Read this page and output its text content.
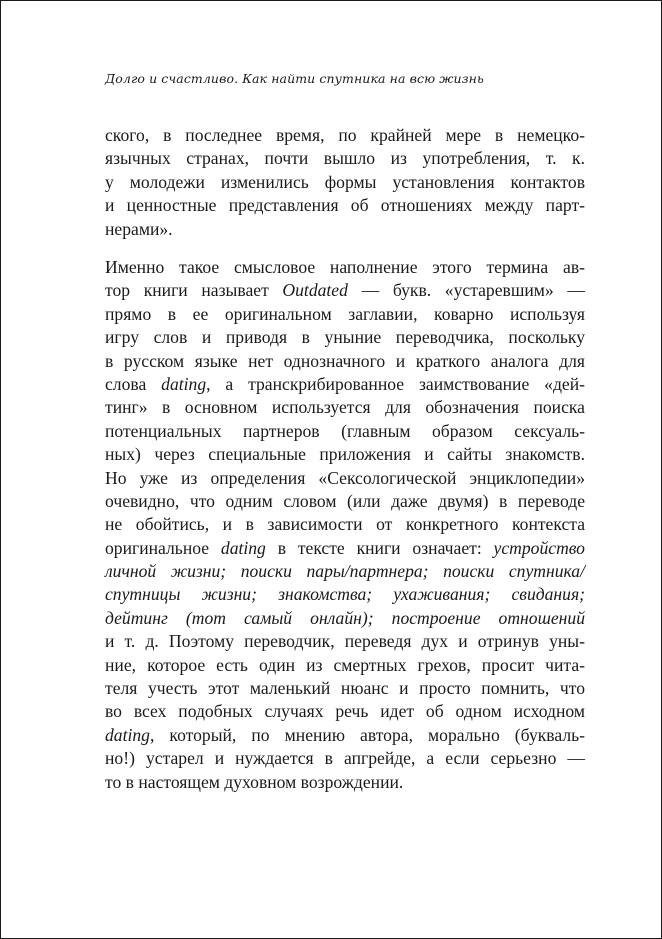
Долго и счастливо. Как найти спутника на всю жизнь
ского, в последнее время, по крайней мере в немецко-
язычных странах, почти вышло из употребления, т. к.
у молодежи изменились формы установления контактов
и ценностные представления об отношениях между парт-
нерами».
Именно такое смысловое наполнение этого термина ав-
тор книги называет Outdated — букв. «устаревшим» —
прямо в ее оригинальном заглавии, коварно используя
игру слов и приводя в уныние переводчика, поскольку
в русском языке нет однозначного и краткого аналога для
слова dating, а транскрибированное заимствование «дей-
тинг» в основном используется для обозначения поиска
потенциальных партнеров (главным образом сексуаль-
ных) через специальные приложения и сайты знакомств.
Но уже из определения «Сексологической энциклопедии»
очевидно, что одним словом (или даже двумя) в переводе
не обойтись, и в зависимости от конкретного контекста
оригинальное dating в тексте книги означает: устройство
личной жизни; поиски пары/партнера; поиски спутника/
спутницы жизни; знакомства; ухаживания; свидания;
дейтинг (тот самый онлайн); построение отношений
и т. д. Поэтому переводчик, переведя дух и отринув уны-
ние, которое есть один из смертных грехов, просит чита-
теля учесть этот маленький нюанс и просто помнить, что
во всех подобных случаях речь идет об одном исходном
dating, который, по мнению автора, морально (букваль-
но!) устарел и нуждается в апгрейде, а если серьезно —
то в настоящем духовном возрождении.
